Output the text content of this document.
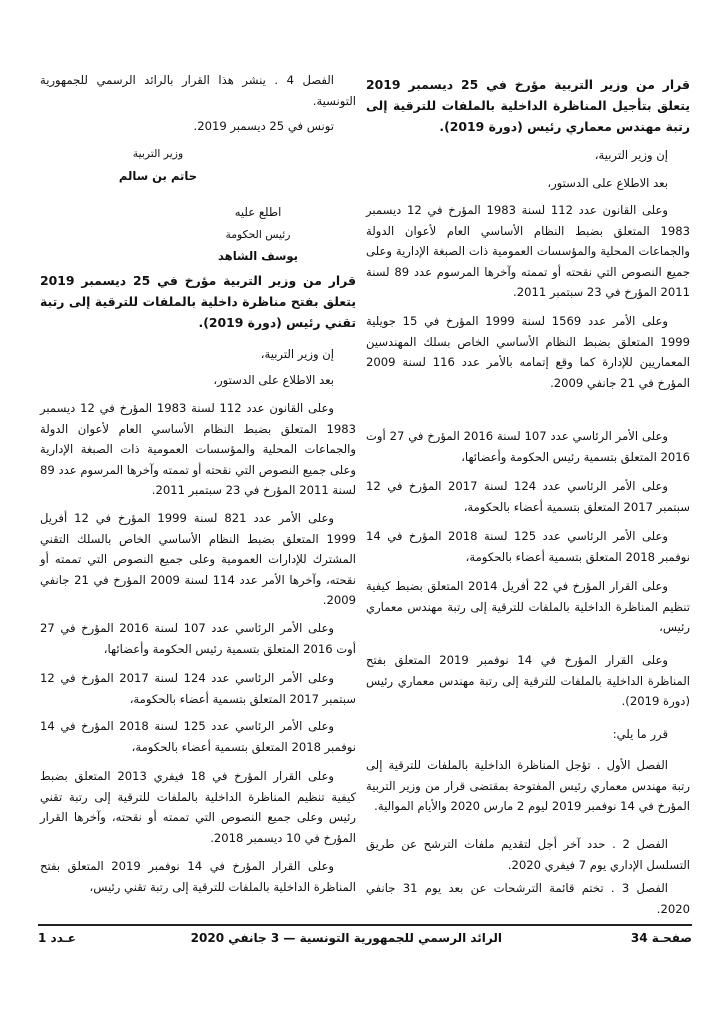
قرار من وزير التربية مؤرخ في 25 ديسمبر 2019 يتعلق بتأجيل المناظرة الداخلية بالملفات للترقية إلى رتبة مهندس معماري رئيس (دورة 2019).
إن وزير التربية،
بعد الاطلاع على الدستور،
وعلى القانون عدد 112 لسنة 1983 المؤرخ في 12 ديسمبر 1983 المتعلق بضبط النظام الأساسي العام لأعوان الدولة والجماعات المحلية والمؤسسات العمومية ذات الصبغة الإدارية وعلى جميع النصوص التي نقحته أو تممته وآخرها المرسوم عدد 89 لسنة 2011 المؤرخ في 23 سبتمبر 2011.
وعلى الأمر عدد 1569 لسنة 1999 المؤرخ في 15 جويلية 1999 المتعلق بضبط النظام الأساسي الخاص بسلك المهندسين المعماريين للإدارة كما وقع إتمامه بالأمر عدد 116 لسنة 2009 المؤرخ في 21 جانفي 2009.
وعلى الأمر الرئاسي عدد 107 لسنة 2016 المؤرخ في 27 أوت 2016 المتعلق بتسمية رئيس الحكومة وأعضائها،
وعلى الأمر الرئاسي عدد 124 لسنة 2017 المؤرخ في 12 سبتمبر 2017 المتعلق بتسمية أعضاء بالحكومة،
وعلى الأمر الرئاسي عدد 125 لسنة 2018 المؤرخ في 14 نوفمبر 2018 المتعلق بتسمية أعضاء بالحكومة،
وعلى القرار المؤرخ في 22 أفريل 2014 المتعلق بضبط كيفية تنظيم المناظرة الداخلية بالملفات للترقية إلى رتبة مهندس معماري رئيس،
وعلى القرار المؤرخ في 14 نوفمبر 2019 المتعلق بفتح المناظرة الداخلية بالملفات للترقية إلى رتبة مهندس معماري رئيس (دورة 2019).
قرر ما يلي:
الفصل الأول . تؤجل المناظرة الداخلية بالملفات للترقية إلى رتبة مهندس معماري رئيس المفتوحة بمقتضى قرار من وزير التربية المؤرخ في 14 نوفمبر 2019 ليوم 2 مارس 2020 والأيام الموالية.
الفصل 2 . حدد آخر أجل لتقديم ملفات الترشح عن طريق التسلسل الإداري يوم 7 فيفري 2020.
الفصل 3 . تختم قائمة الترشحات عن بعد يوم 31 جانفي 2020.
الفصل 4 . ينشر هذا القرار بالرائد الرسمي للجمهورية التونسية.
تونس في 25 ديسمبر 2019.
وزير التربية
حاتم بن سالم
اطلع عليه
رئيس الحكومة
يوسف الشاهد
قرار من وزير التربية مؤرخ في 25 ديسمبر 2019 يتعلق بفتح مناظرة داخلية بالملفات للترقية إلى رتبة تقني رئيس (دورة 2019).
إن وزير التربية،
بعد الاطلاع على الدستور،
وعلى القانون عدد 112 لسنة 1983 المؤرخ في 12 ديسمبر 1983 المتعلق بضبط النظام الأساسي العام لأعوان الدولة والجماعات المحلية والمؤسسات العمومية ذات الصبغة الإدارية وعلى جميع النصوص التي نقحته أو تممته وآخرها المرسوم عدد 89 لسنة 2011 المؤرخ في 23 سبتمبر 2011.
وعلى الأمر عدد 821 لسنة 1999 المؤرخ في 12 أفريل 1999 المتعلق بضبط النظام الأساسي الخاص بالسلك التقني المشترك للإدارات العمومية وعلى جميع النصوص التي تممته أو نقحته، وآخرها الأمر عدد 114 لسنة 2009 المؤرخ في 21 جانفي 2009.
وعلى الأمر الرئاسي عدد 107 لسنة 2016 المؤرخ في 27 أوت 2016 المتعلق بتسمية رئيس الحكومة وأعضائها،
وعلى الأمر الرئاسي عدد 124 لسنة 2017 المؤرخ في 12 سبتمبر 2017 المتعلق بتسمية أعضاء بالحكومة،
وعلى الأمر الرئاسي عدد 125 لسنة 2018 المؤرخ في 14 نوفمبر 2018 المتعلق بتسمية أعضاء بالحكومة،
وعلى القرار المؤرخ في 18 فيفري 2013 المتعلق بضبط كيفية تنظيم المناظرة الداخلية بالملفات للترقية إلى رتبة تقني رئيس وعلى جميع النصوص التي تممته أو نقحته، وآخرها القرار المؤرخ في 10 ديسمبر 2018.
وعلى القرار المؤرخ في 14 نوفمبر 2019 المتعلق بفتح المناظرة الداخلية بالملفات للترقية إلى رتبة تقني رئيس،
صفحـة 34
الرائد الرسمي للجمهورية التونسية — 3 جانفي 2020
عـدد 1
